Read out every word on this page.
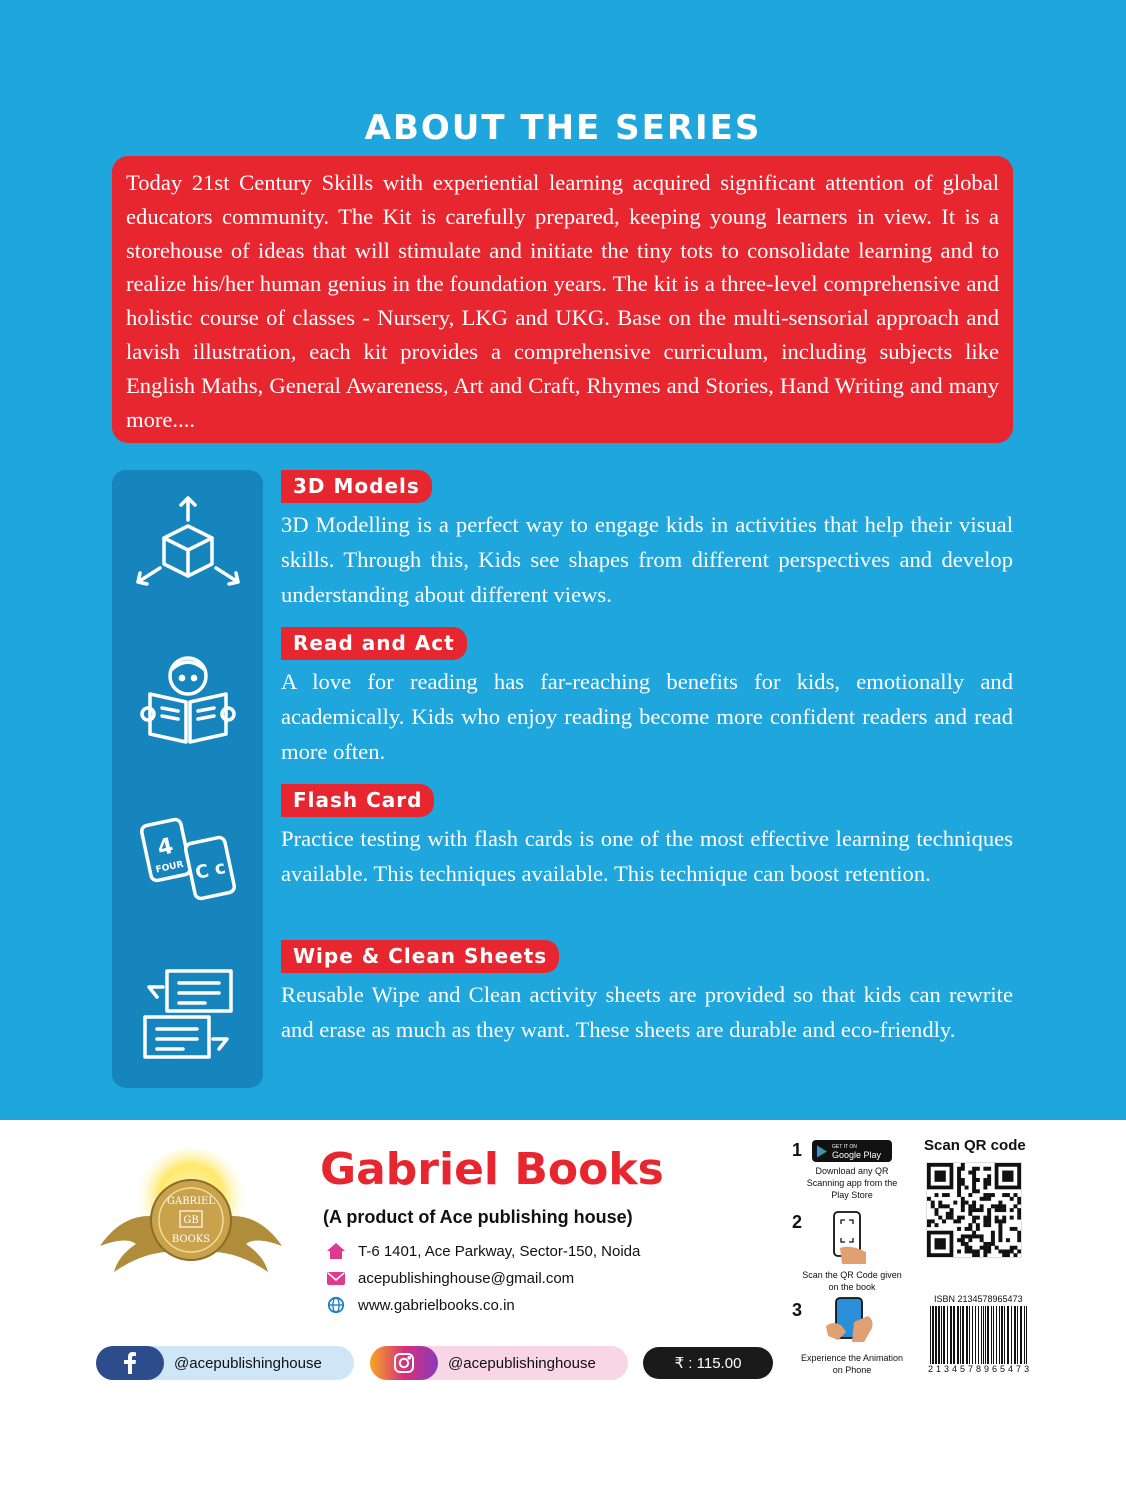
ABOUT THE SERIES

Today 21st Century Skills with experiential learning acquired significant attention of global educators community. The Kit is carefully prepared, keeping young learners in view. It is a storehouse of ideas that will stimulate and initiate the tiny tots to consolidate learning and to realize his/her human genius in the foundation years. The kit is a three-level comprehensive and holistic course of classes - Nursery, LKG and UKG. Base on the multi-sensorial approach and lavish illustration, each kit provides a comprehensive curriculum, including subjects like English Maths, General Awareness, Art and Craft, Rhymes and Stories, Hand Writing and many more....

4
FOUR C c
3D Models

3D Modelling is a perfect way to engage kids in activities that help their visual skills. Through this, Kids see shapes from different perspectives and develop understanding about different views.

Read and Act

A love for reading has far-reaching benefits for kids, emotionally and academically. Kids who enjoy reading become more confident readers and read more often.

Flash Card

Practice testing with flash cards is one of the most effective learning techniques available. This techniques available. This technique can boost retention.

Wipe & Clean Sheets

Reusable Wipe and Clean activity sheets are provided so that kids can rewrite and erase as much as they want. These sheets are durable and eco-friendly.

GABRIEL
GB
BOOKS
Gabriel Books
(A product of Ace publishing house)
T-6 1401, Ace Parkway, Sector-150, Noida
acepublishinghouse@gmail.com
www.gabrielbooks.co.in
@acepublishinghouse	@acepublishinghouse	₹ : 115.00
1	GET IT ON
Google Play
Download any QR Scanning app from the Play Store
2
Scan the QR Code given on the book
3
Experience the Animation on Phone
Scan QR code
ISBN 2134578965473
2134578965473
